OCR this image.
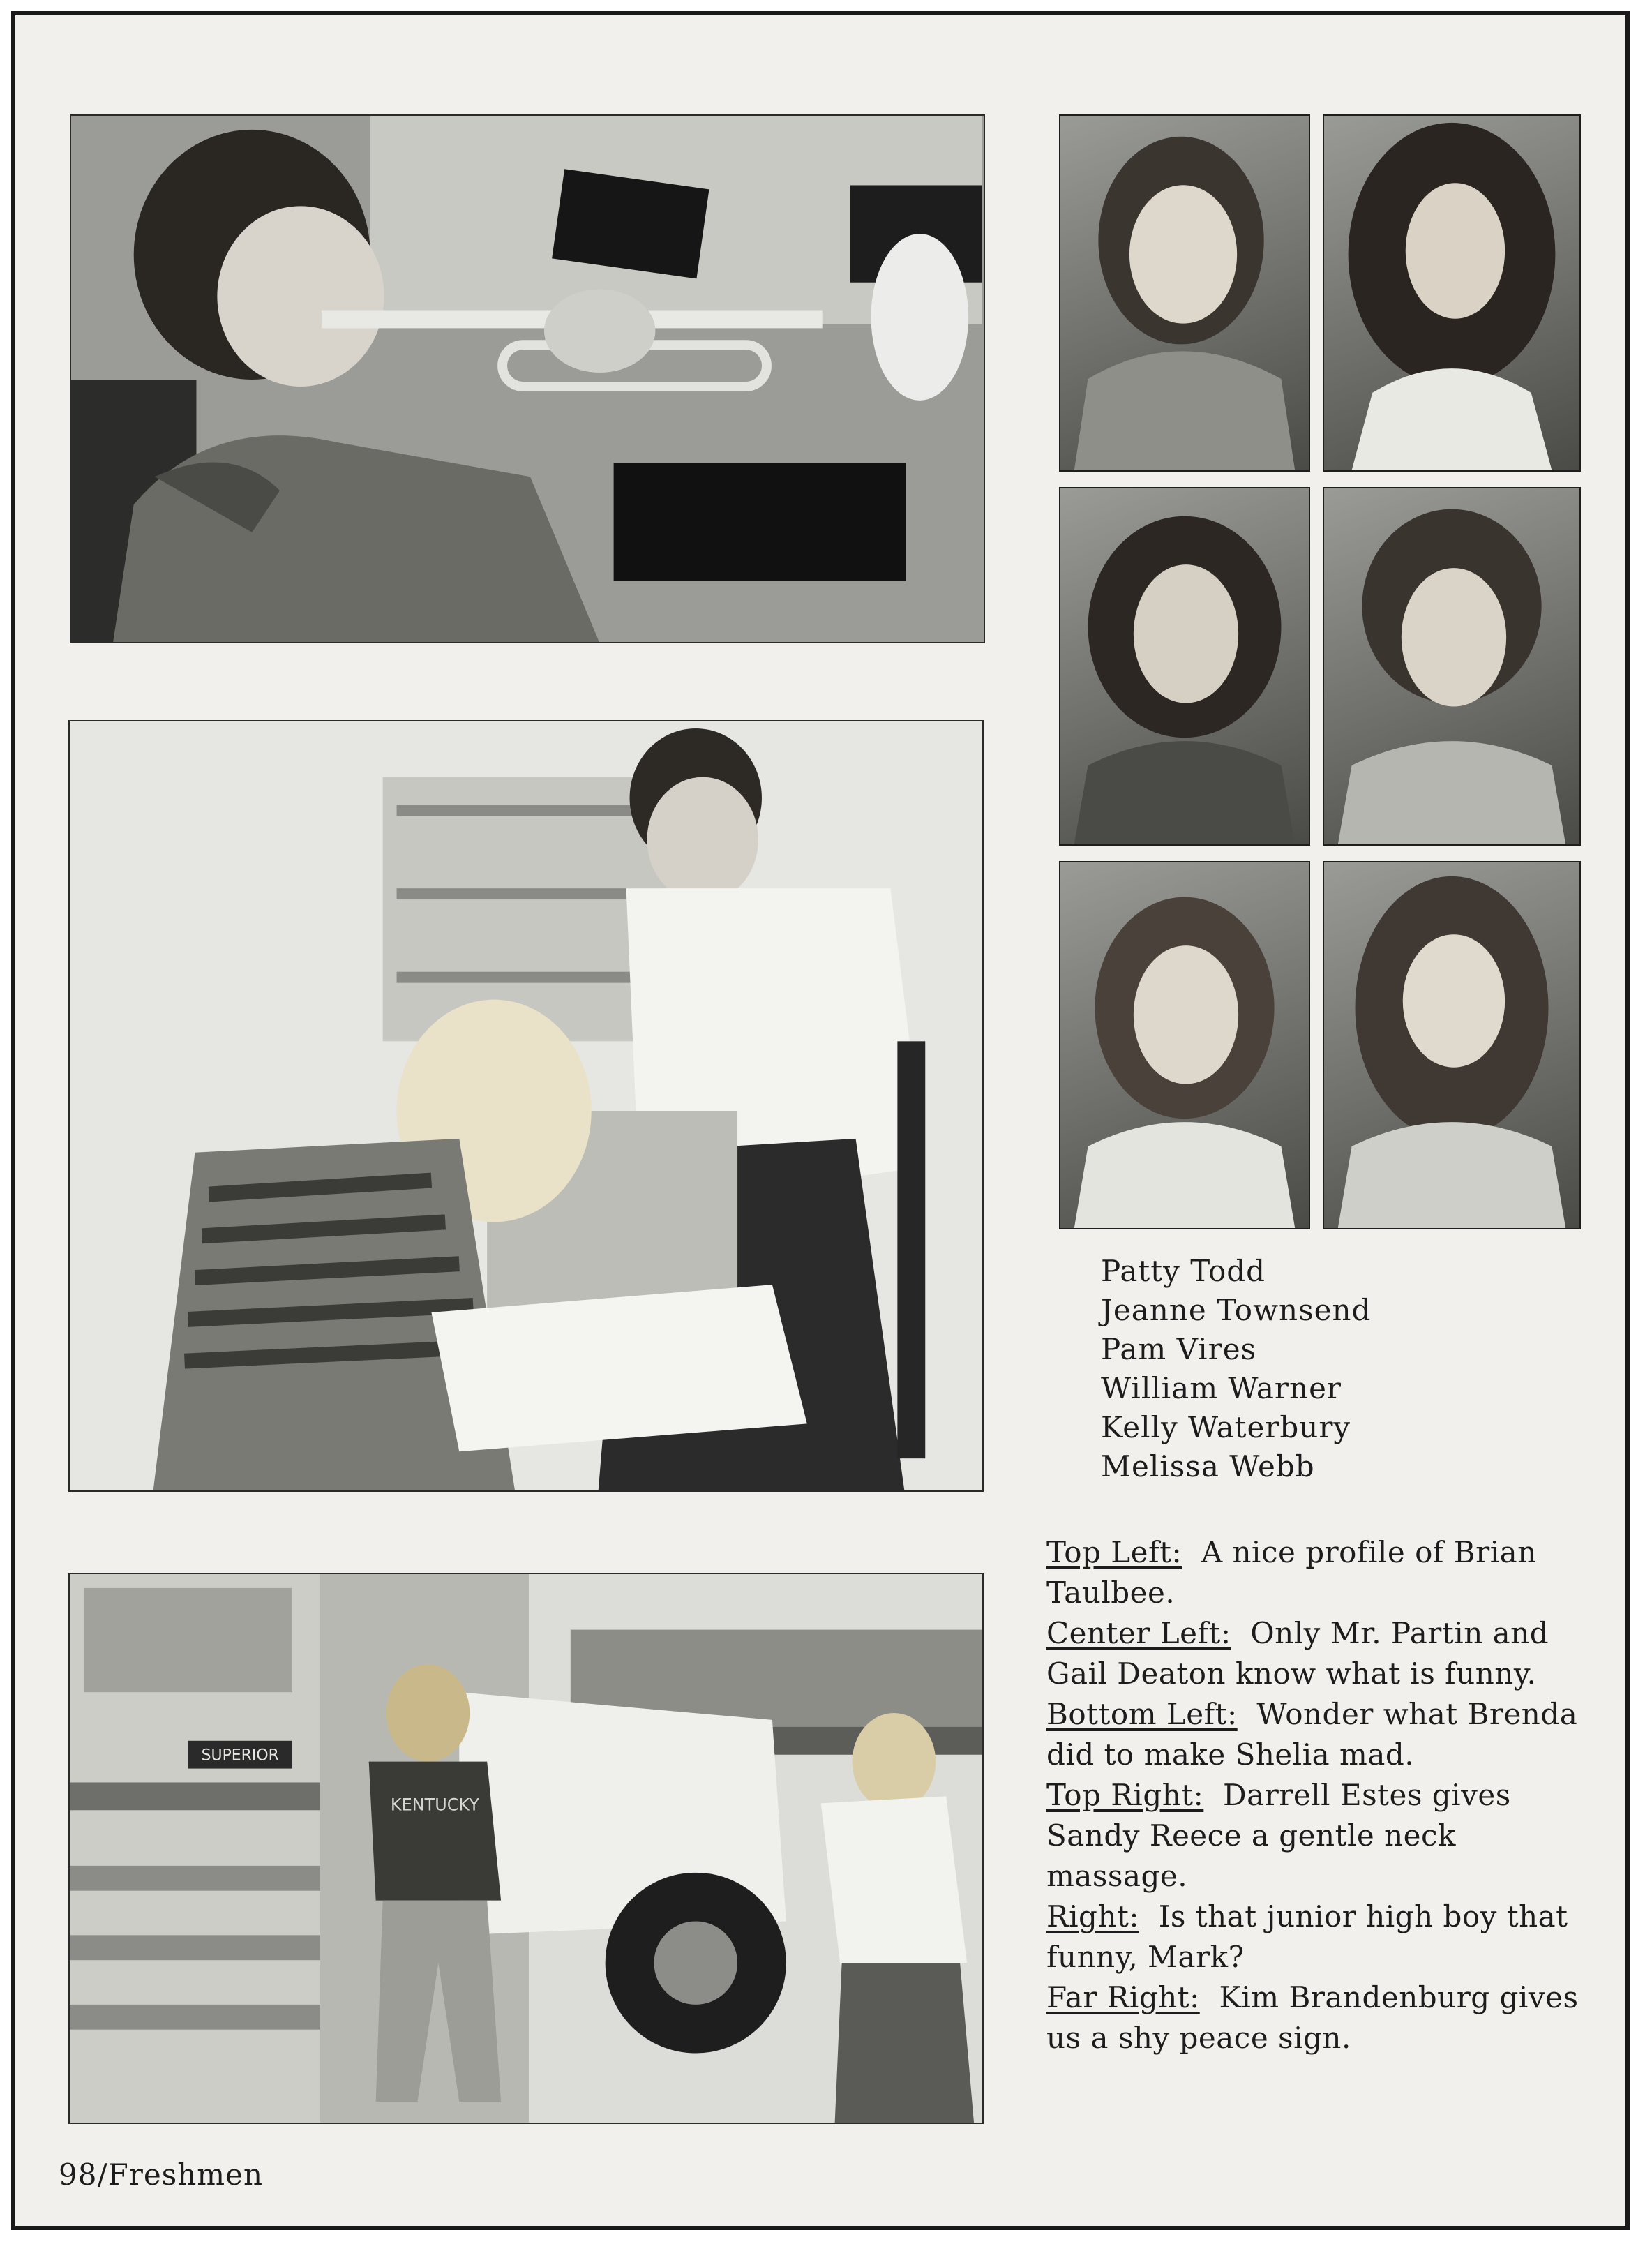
SUPERIOR
KENTUCKY
Patty Todd
Jeanne Townsend
Pam Vires
William Warner
Kelly Waterbury
Melissa Webb
Top Left: A nice profile of Brian Taulbee.
Center Left: Only Mr. Partin and Gail Deaton know what is funny.
Bottom Left: Wonder what Brenda did to make Shelia mad.
Top Right: Darrell Estes gives Sandy Reece a gentle neck massage.
Right: Is that junior high boy that funny, Mark?
Far Right: Kim Brandenburg gives us a shy peace sign.
98/Freshmen
